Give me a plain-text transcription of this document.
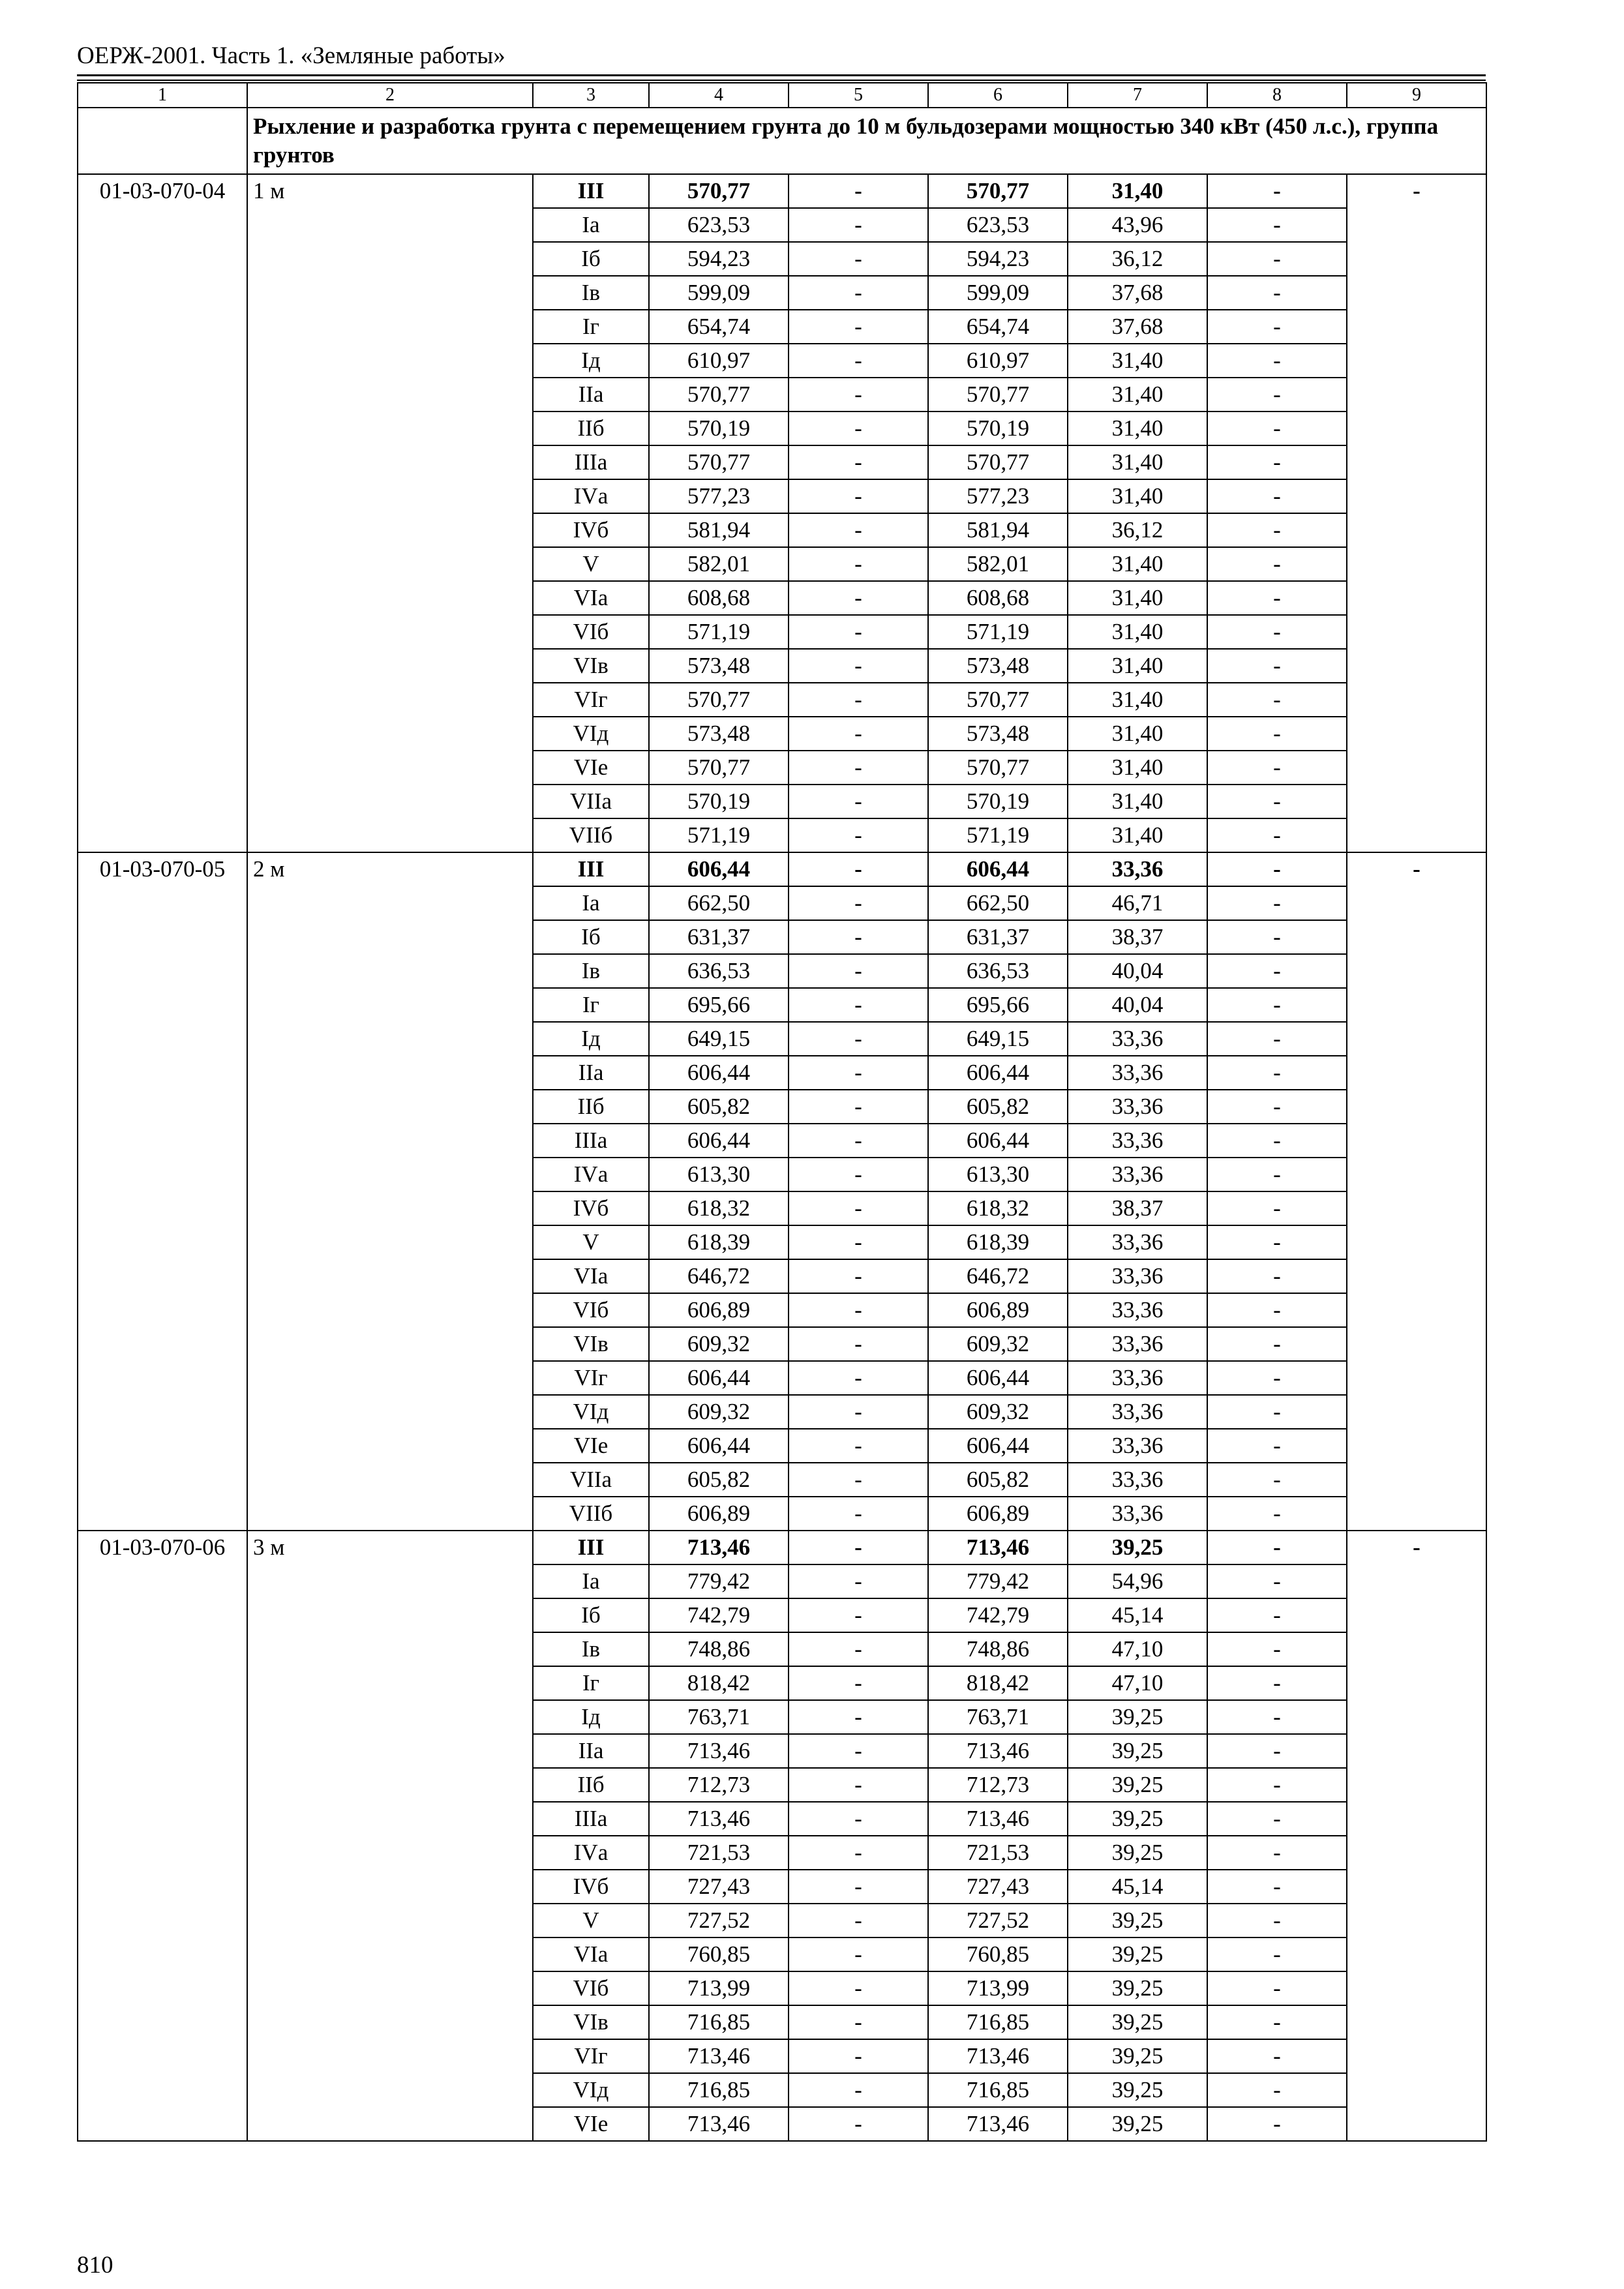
ОЕРЖ-2001. Часть 1. «Земляные работы»
1	2	3	4	5	6	7	8	9
	Рыхление и разработка грунта с перемещением грунта до 10 м бульдозерами мощностью 340 кВт (450 л.с.), группа грунтов							
01-03-070-04	1 м	III	570,77	-	570,77	31,40	-	-
		Iа	623,53	-	623,53	43,96	-	
		Iб	594,23	-	594,23	36,12	-	
		Iв	599,09	-	599,09	37,68	-	
		Iг	654,74	-	654,74	37,68	-	
		Iд	610,97	-	610,97	31,40	-	
		IIа	570,77	-	570,77	31,40	-	
		IIб	570,19	-	570,19	31,40	-	
		IIIа	570,77	-	570,77	31,40	-	
		IVа	577,23	-	577,23	31,40	-	
		IVб	581,94	-	581,94	36,12	-	
		V	582,01	-	582,01	31,40	-	
		VIа	608,68	-	608,68	31,40	-	
		VIб	571,19	-	571,19	31,40	-	
		VIв	573,48	-	573,48	31,40	-	
		VIг	570,77	-	570,77	31,40	-	
		VIд	573,48	-	573,48	31,40	-	
		VIе	570,77	-	570,77	31,40	-	
		VIIа	570,19	-	570,19	31,40	-	
		VIIб	571,19	-	571,19	31,40	-	
01-03-070-05	2 м	III	606,44	-	606,44	33,36	-	-
		Iа	662,50	-	662,50	46,71	-	
		Iб	631,37	-	631,37	38,37	-	
		Iв	636,53	-	636,53	40,04	-	
		Iг	695,66	-	695,66	40,04	-	
		Iд	649,15	-	649,15	33,36	-	
		IIа	606,44	-	606,44	33,36	-	
		IIб	605,82	-	605,82	33,36	-	
		IIIа	606,44	-	606,44	33,36	-	
		IVа	613,30	-	613,30	33,36	-	
		IVб	618,32	-	618,32	38,37	-	
		V	618,39	-	618,39	33,36	-	
		VIа	646,72	-	646,72	33,36	-	
		VIб	606,89	-	606,89	33,36	-	
		VIв	609,32	-	609,32	33,36	-	
		VIг	606,44	-	606,44	33,36	-	
		VIд	609,32	-	609,32	33,36	-	
		VIе	606,44	-	606,44	33,36	-	
		VIIа	605,82	-	605,82	33,36	-	
		VIIб	606,89	-	606,89	33,36	-	
01-03-070-06	3 м	III	713,46	-	713,46	39,25	-	-
		Iа	779,42	-	779,42	54,96	-	
		Iб	742,79	-	742,79	45,14	-	
		Iв	748,86	-	748,86	47,10	-	
		Iг	818,42	-	818,42	47,10	-	
		Iд	763,71	-	763,71	39,25	-	
		IIа	713,46	-	713,46	39,25	-	
		IIб	712,73	-	712,73	39,25	-	
		IIIа	713,46	-	713,46	39,25	-	
		IVа	721,53	-	721,53	39,25	-	
		IVб	727,43	-	727,43	45,14	-	
		V	727,52	-	727,52	39,25	-	
		VIа	760,85	-	760,85	39,25	-	
		VIб	713,99	-	713,99	39,25	-	
		VIв	716,85	-	716,85	39,25	-	
		VIг	713,46	-	713,46	39,25	-	
		VIд	716,85	-	716,85	39,25	-	
		VIе	713,46	-	713,46	39,25	-	
810
